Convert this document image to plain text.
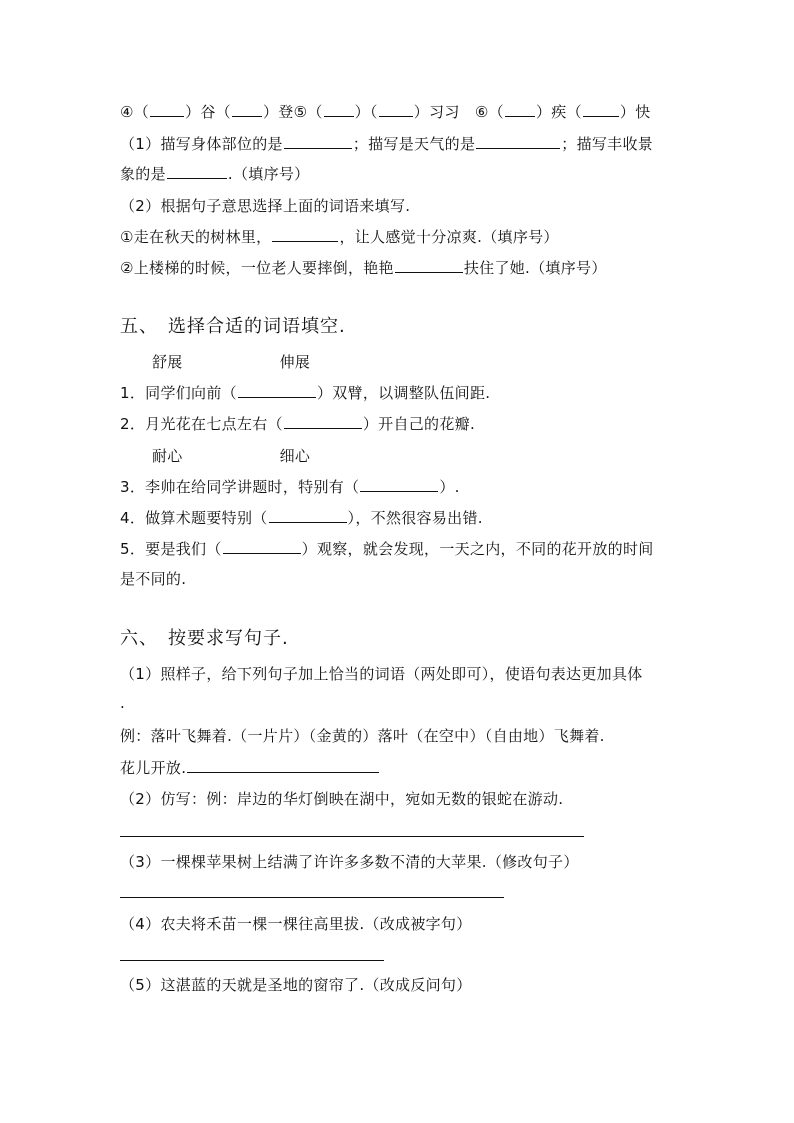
④（ ）谷（ ）登⑤（ ）（ ）习习　⑥（ ）疾（	）快
（1）描写身体部位的是	；描写是天气的是	；描写丰收景
象的是	.（填序号）
（2）根据句子意思选择上面的词语来填写.
①走在秋天的树林里，	，让人感觉十分凉爽.（填序号）
②上楼梯的时候，一位老人要摔倒，艳艳	扶住了她.（填序号）
五、　选择合适的词语填空.
舒展	伸展
1．同学们向前（	）双臂，以调整队伍间距.
2．月光花在七点左右（	）开自己的花瓣.
耐心	细心
3．李帅在给同学讲题时，特别有（	）.
4．做算术题要特别（	），不然很容易出错.
5．要是我们（	）观察，就会发现，一天之内，不同的花开放的时间
是不同的.
六、　按要求写句子.
（1）照样子，给下列句子加上恰当的词语（两处即可），使语句表达更加具体
.
例：落叶飞舞着.（一片片）（金黄的）落叶（在空中）（自由地）飞舞着.
花儿开放.
（2）仿写：例：岸边的华灯倒映在湖中，宛如无数的银蛇在游动.
（3）一棵棵苹果树上结满了许许多多数不清的大苹果.（修改句子）
（4）农夫将禾苗一棵一棵往高里拔.（改成被字句）
（5）这湛蓝的天就是圣地的窗帘了.（改成反问句）
